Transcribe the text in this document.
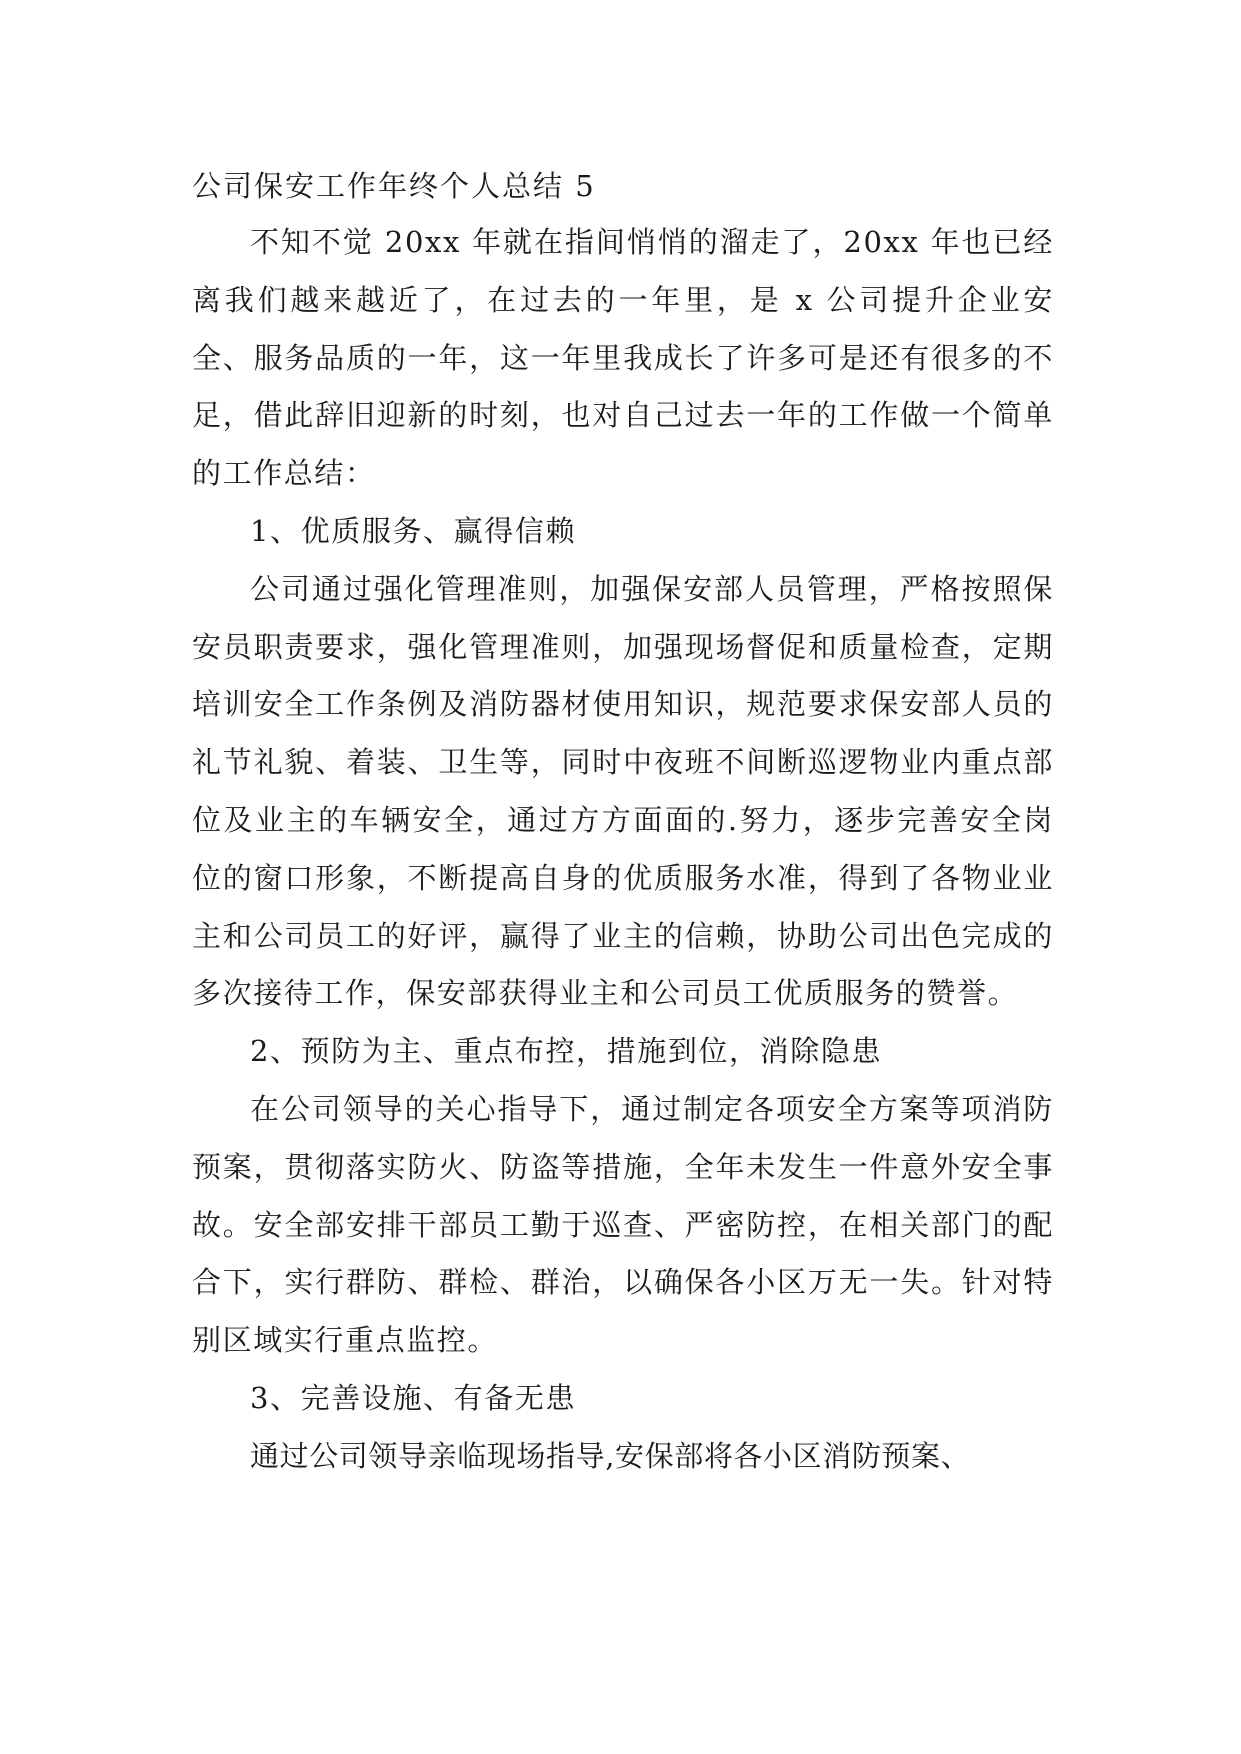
公司保安工作年终个人总结 5

不知不觉 20xx 年就在指间悄悄的溜走了，20xx 年也已经离我们越来越近了，在过去的一年里，是 x 公司提升企业安全、服务品质的一年，这一年里我成长了许多可是还有很多的不足，借此辞旧迎新的时刻，也对自己过去一年的工作做一个简单的工作总结：

1、优质服务、赢得信赖

公司通过强化管理准则，加强保安部人员管理，严格按照保安员职责要求，强化管理准则，加强现场督促和质量检查，定期培训安全工作条例及消防器材使用知识，规范要求保安部人员的礼节礼貌、着装、卫生等，同时中夜班不间断巡逻物业内重点部位及业主的车辆安全，通过方方面面的.努力，逐步完善安全岗位的窗口形象，不断提高自身的优质服务水准，得到了各物业业主和公司员工的好评，赢得了业主的信赖，协助公司出色完成的多次接待工作，保安部获得业主和公司员工优质服务的赞誉。

2、预防为主、重点布控，措施到位，消除隐患

在公司领导的关心指导下，通过制定各项安全方案等项消防预案，贯彻落实防火、防盗等措施，全年未发生一件意外安全事故。安全部安排干部员工勤于巡查、严密防控，在相关部门的配合下，实行群防、群检、群治，以确保各小区万无一失。针对特别区域实行重点监控。

3、完善设施、有备无患

通过公司领导亲临现场指导,安保部将各小区消防预案、
